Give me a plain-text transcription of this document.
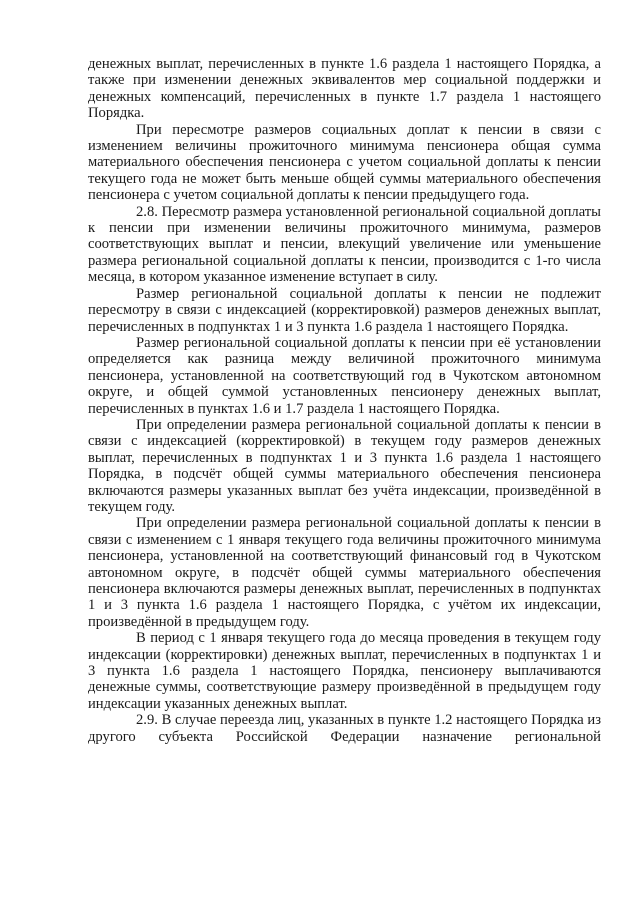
денежных выплат, перечисленных в пункте 1.6 раздела 1 настоящего Порядка, а также при изменении денежных эквивалентов мер социальной поддержки и денежных компенсаций, перечисленных в пункте 1.7 раздела 1 настоящего Порядка.

При пересмотре размеров социальных доплат к пенсии в связи с изменением величины прожиточного минимума пенсионера общая сумма материального обеспечения пенсионера с учетом социальной доплаты к пенсии текущего года не может быть меньше общей суммы материального обеспечения пенсионера с учетом социальной доплаты к пенсии предыдущего года.

2.8. Пересмотр размера установленной региональной социальной доплаты к пенсии при изменении величины прожиточного минимума, размеров соответствующих выплат и пенсии, влекущий увеличение или уменьшение размера региональной социальной доплаты к пенсии, производится с 1-го числа месяца, в котором указанное изменение вступает в силу.

Размер региональной социальной доплаты к пенсии не подлежит пересмотру в связи с индексацией (корректировкой) размеров денежных выплат, перечисленных в подпунктах 1 и 3 пункта 1.6 раздела 1 настоящего Порядка.

Размер региональной социальной доплаты к пенсии при её установлении определяется как разница между величиной прожиточного минимума пенсионера, установленной на соответствующий год в Чукотском автономном округе, и общей суммой установленных пенсионеру денежных выплат, перечисленных в пунктах 1.6 и 1.7 раздела 1 настоящего Порядка.

При определении размера региональной социальной доплаты к пенсии в связи с индексацией (корректировкой) в текущем году размеров денежных выплат, перечисленных в подпунктах 1 и 3 пункта 1.6 раздела 1 настоящего Порядка, в подсчёт общей суммы материального обеспечения пенсионера включаются размеры указанных выплат без учёта индексации, произведённой в текущем году.

При определении размера региональной социальной доплаты к пенсии в связи с изменением с 1 января текущего года величины прожиточного минимума пенсионера, установленной на соответствующий финансовый год в Чукотском автономном округе, в подсчёт общей суммы материального обеспечения пенсионера включаются размеры денежных выплат, перечисленных в подпунктах 1 и 3 пункта 1.6 раздела 1 настоящего Порядка, с учётом их индексации, произведённой в предыдущем году.

В период с 1 января текущего года до месяца проведения в текущем году индексации (корректировки) денежных выплат, перечисленных в подпунктах 1 и 3 пункта 1.6 раздела 1 настоящего Порядка, пенсионеру выплачиваются денежные суммы, соответствующие размеру произведённой в предыдущем году индексации указанных денежных выплат.

2.9. В случае переезда лиц, указанных в пункте 1.2 настоящего Порядка из другого субъекта Российской Федерации назначение региональной
